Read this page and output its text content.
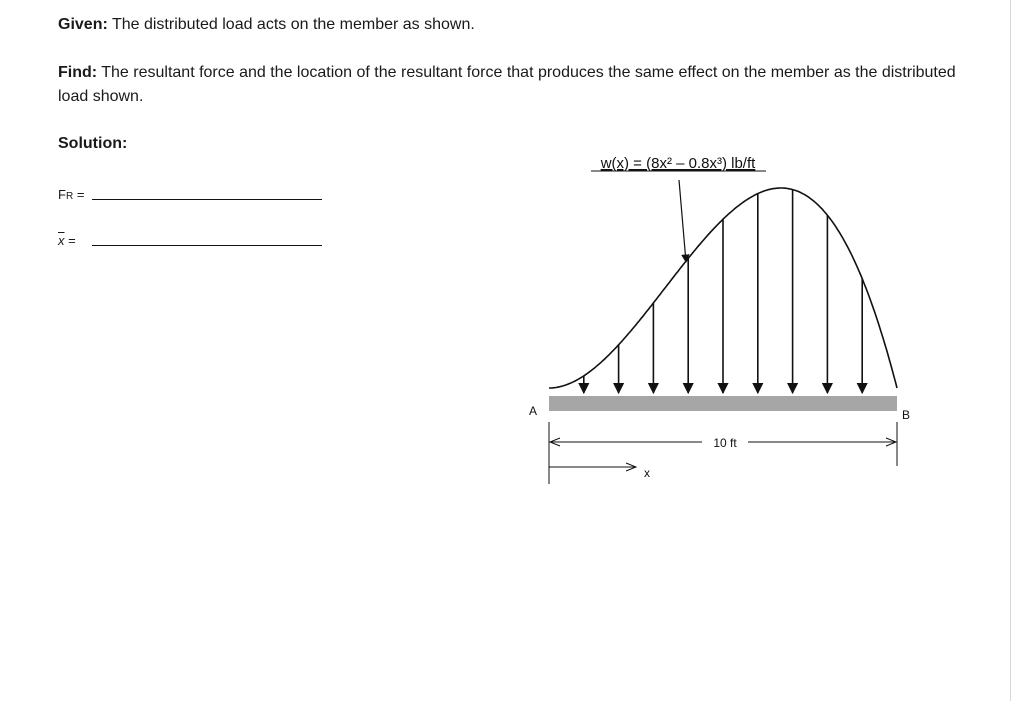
Given: The distributed load acts on the member as shown.
Find: The resultant force and the location of the resultant force that produces the same effect on the member as the distributed load shown.
Solution:
FR =
$\overline{x}$ =
w(x) = (8x² – 0.8x³) lb/ft
A	B
10 ft
x
